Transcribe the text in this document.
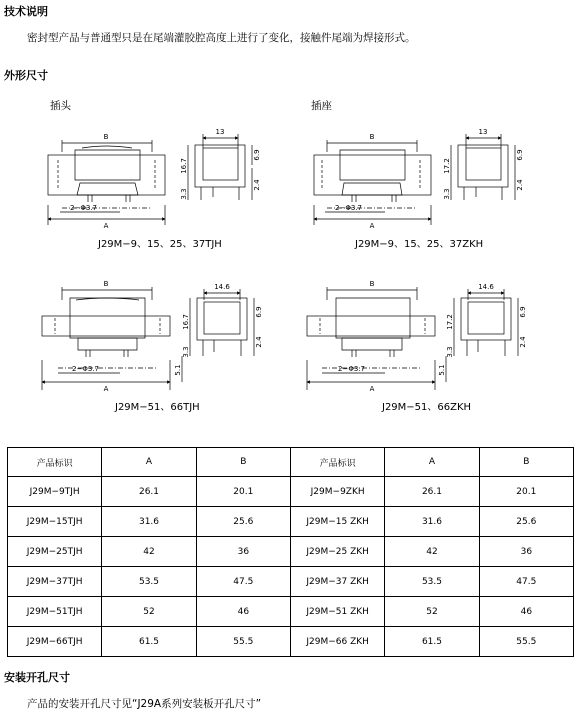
技术说明
密封型产品与普通型只是在尾端灌胶腔高度上进行了变化，接触件尾端为焊接形式。
外形尺寸
插头	插座
B
2−Φ3.7
A
13
16.7
3.3
6.9
2.4
B
2−Φ3.7
A
13
17.2
3.3
6.9
2.4
B
2−Φ3.7
A
14.6
16.7
3.3
6.9
2.4
5.1
B
2−Φ3.7
A
14.6
17.2
3.3
6.9
2.4
5.1
J29M−9、15、25、37TJH	J29M−9、15、25、37ZKH
J29M−51、66TJH	J29M−51、66ZKH
产品标识	A	B	产品标识	A	B
J29M−9TJH	26.1	20.1	J29M−9ZKH	26.1	20.1
J29M−15TJH	31.6	25.6	J29M−15 ZKH	31.6	25.6
J29M−25TJH	42	36	J29M−25 ZKH	42	36
J29M−37TJH	53.5	47.5	J29M−37 ZKH	53.5	47.5
J29M−51TJH	52	46	J29M−51 ZKH	52	46
J29M−66TJH	61.5	55.5	J29M−66 ZKH	61.5	55.5
安装开孔尺寸
产品的安装开孔尺寸见“J29A系列安装板开孔尺寸”
